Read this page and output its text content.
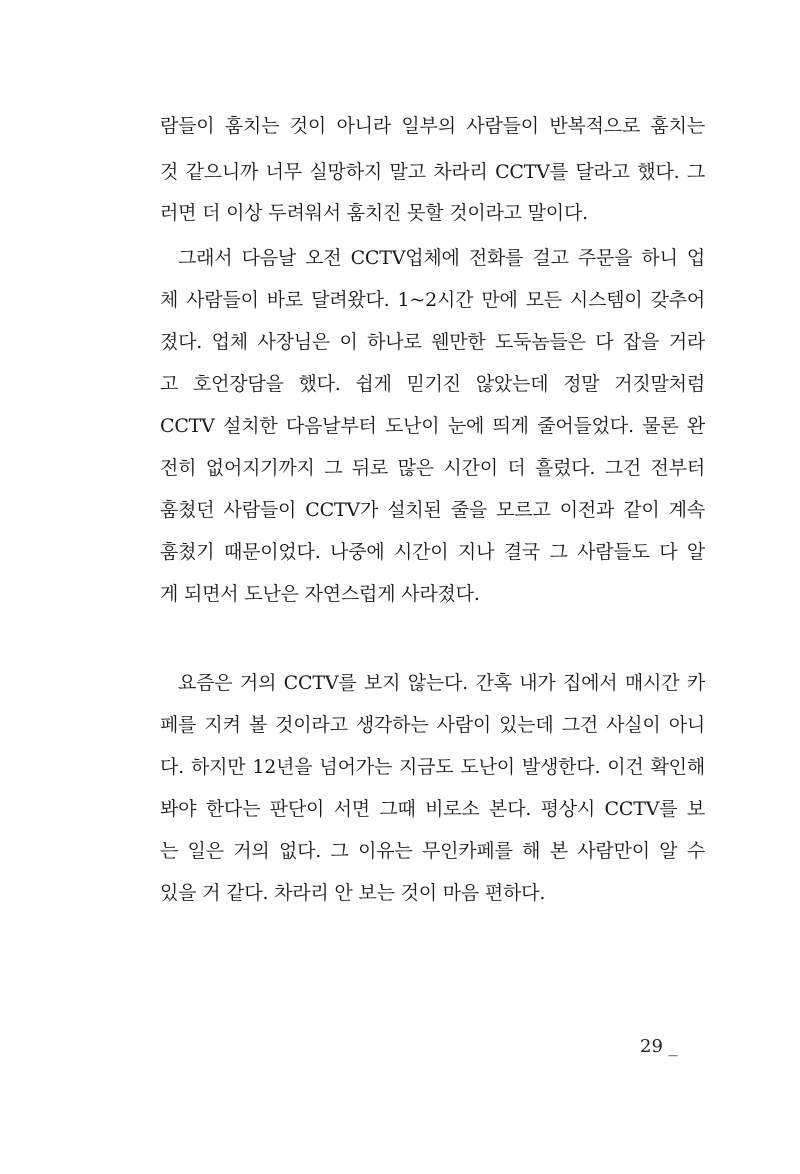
람들이 훔치는 것이 아니라 일부의 사람들이 반복적으로 훔치는
것 같으니까 너무 실망하지 말고 차라리 CCTV를 달라고 했다. 그
러면 더 이상 두려워서 훔치진 못할 것이라고 말이다.
그래서 다음날 오전 CCTV업체에 전화를 걸고 주문을 하니 업
체 사람들이 바로 달려왔다. 1~2시간 만에 모든 시스템이 갖추어
졌다. 업체 사장님은 이 하나로 웬만한 도둑놈들은 다 잡을 거라
고 호언장담을 했다. 쉽게 믿기진 않았는데 정말 거짓말처럼
CCTV 설치한 다음날부터 도난이 눈에 띄게 줄어들었다. 물론 완
전히 없어지기까지 그 뒤로 많은 시간이 더 흘렀다. 그건 전부터
훔쳤던 사람들이 CCTV가 설치된 줄을 모르고 이전과 같이 계속
훔쳤기 때문이었다. 나중에 시간이 지나 결국 그 사람들도 다 알
게 되면서 도난은 자연스럽게 사라졌다.
요즘은 거의 CCTV를 보지 않는다. 간혹 내가 집에서 매시간 카
페를 지켜 볼 것이라고 생각하는 사람이 있는데 그건 사실이 아니
다. 하지만 12년을 넘어가는 지금도 도난이 발생한다. 이건 확인해
봐야 한다는 판단이 서면 그때 비로소 본다. 평상시 CCTV를 보
는 일은 거의 없다. 그 이유는 무인카페를 해 본 사람만이 알 수
있을 거 같다. 차라리 안 보는 것이 마음 편하다.
29 _
